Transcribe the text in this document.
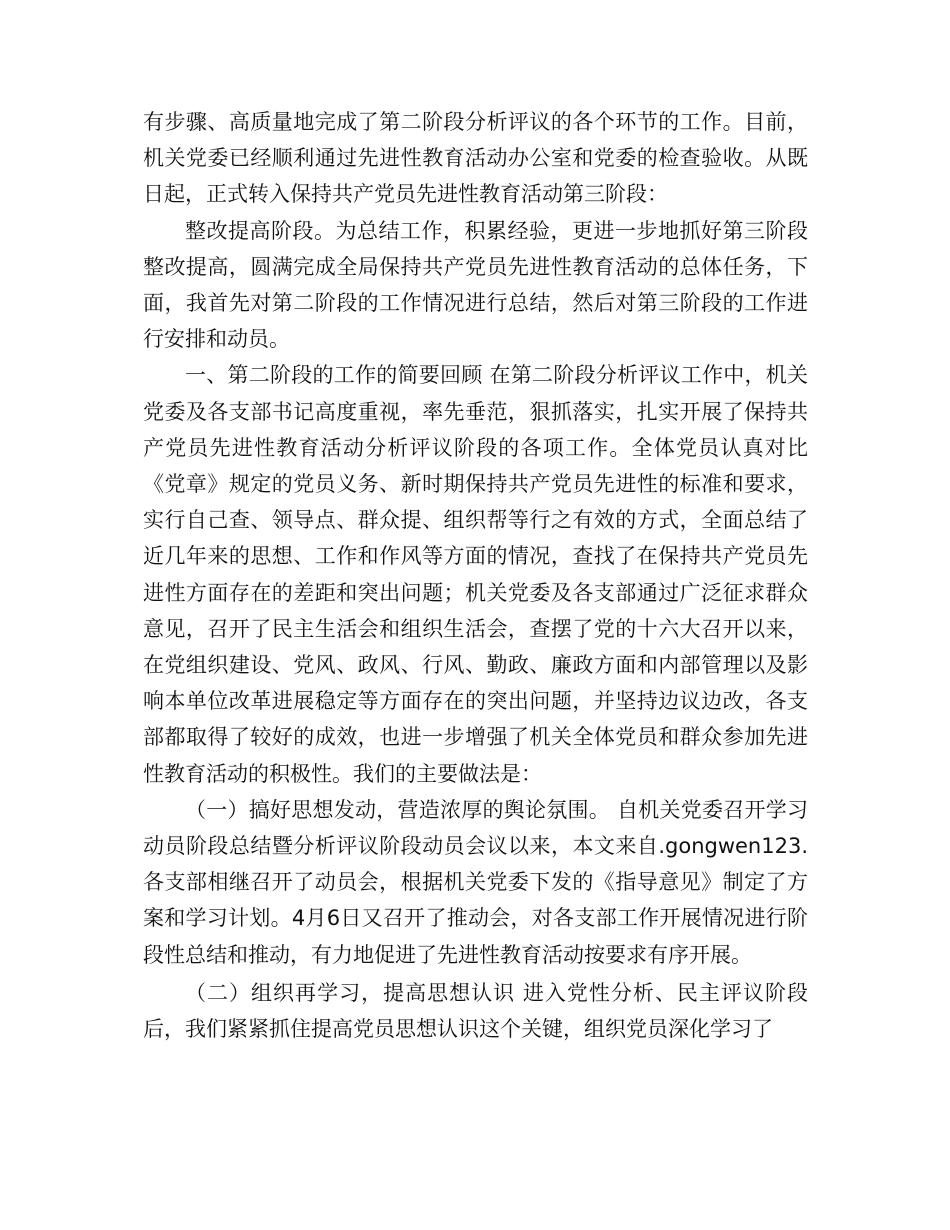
有步骤、高质量地完成了第二阶段分析评议的各个环节的工作。目前，机关党委已经顺利通过先进性教育活动办公室和党委的检查验收。从既日起，正式转入保持共产党员先进性教育活动第三阶段：

整改提高阶段。为总结工作，积累经验，更进一步地抓好第三阶段整改提高，圆满完成全局保持共产党员先进性教育活动的总体任务，下面，我首先对第二阶段的工作情况进行总结，然后对第三阶段的工作进行安排和动员。

一、第二阶段的工作的简要回顾 在第二阶段分析评议工作中，机关党委及各支部书记高度重视，率先垂范，狠抓落实，扎实开展了保持共产党员先进性教育活动分析评议阶段的各项工作。全体党员认真对比《党章》规定的党员义务、新时期保持共产党员先进性的标准和要求，实行自己查、领导点、群众提、组织帮等行之有效的方式，全面总结了近几年来的思想、工作和作风等方面的情况，查找了在保持共产党员先进性方面存在的差距和突出问题；机关党委及各支部通过广泛征求群众意见，召开了民主生活会和组织生活会，查摆了党的十六大召开以来，在党组织建设、党风、政风、行风、勤政、廉政方面和内部管理以及影响本单位改革进展稳定等方面存在的突出问题，并坚持边议边改，各支部都取得了较好的成效，也进一步增强了机关全体党员和群众参加先进性教育活动的积极性。我们的主要做法是：

（一）搞好思想发动，营造浓厚的舆论氛围。 自机关党委召开学习动员阶段总结暨分析评议阶段动员会议以来，本文来自.gongwen123.各支部相继召开了动员会，根据机关党委下发的《指导意见》制定了方案和学习计划。4月6日又召开了推动会，对各支部工作开展情况进行阶段性总结和推动，有力地促进了先进性教育活动按要求有序开展。

（二）组织再学习，提高思想认识 进入党性分析、民主评议阶段后，我们紧紧抓住提高党员思想认识这个关键，组织党员深化学习了
